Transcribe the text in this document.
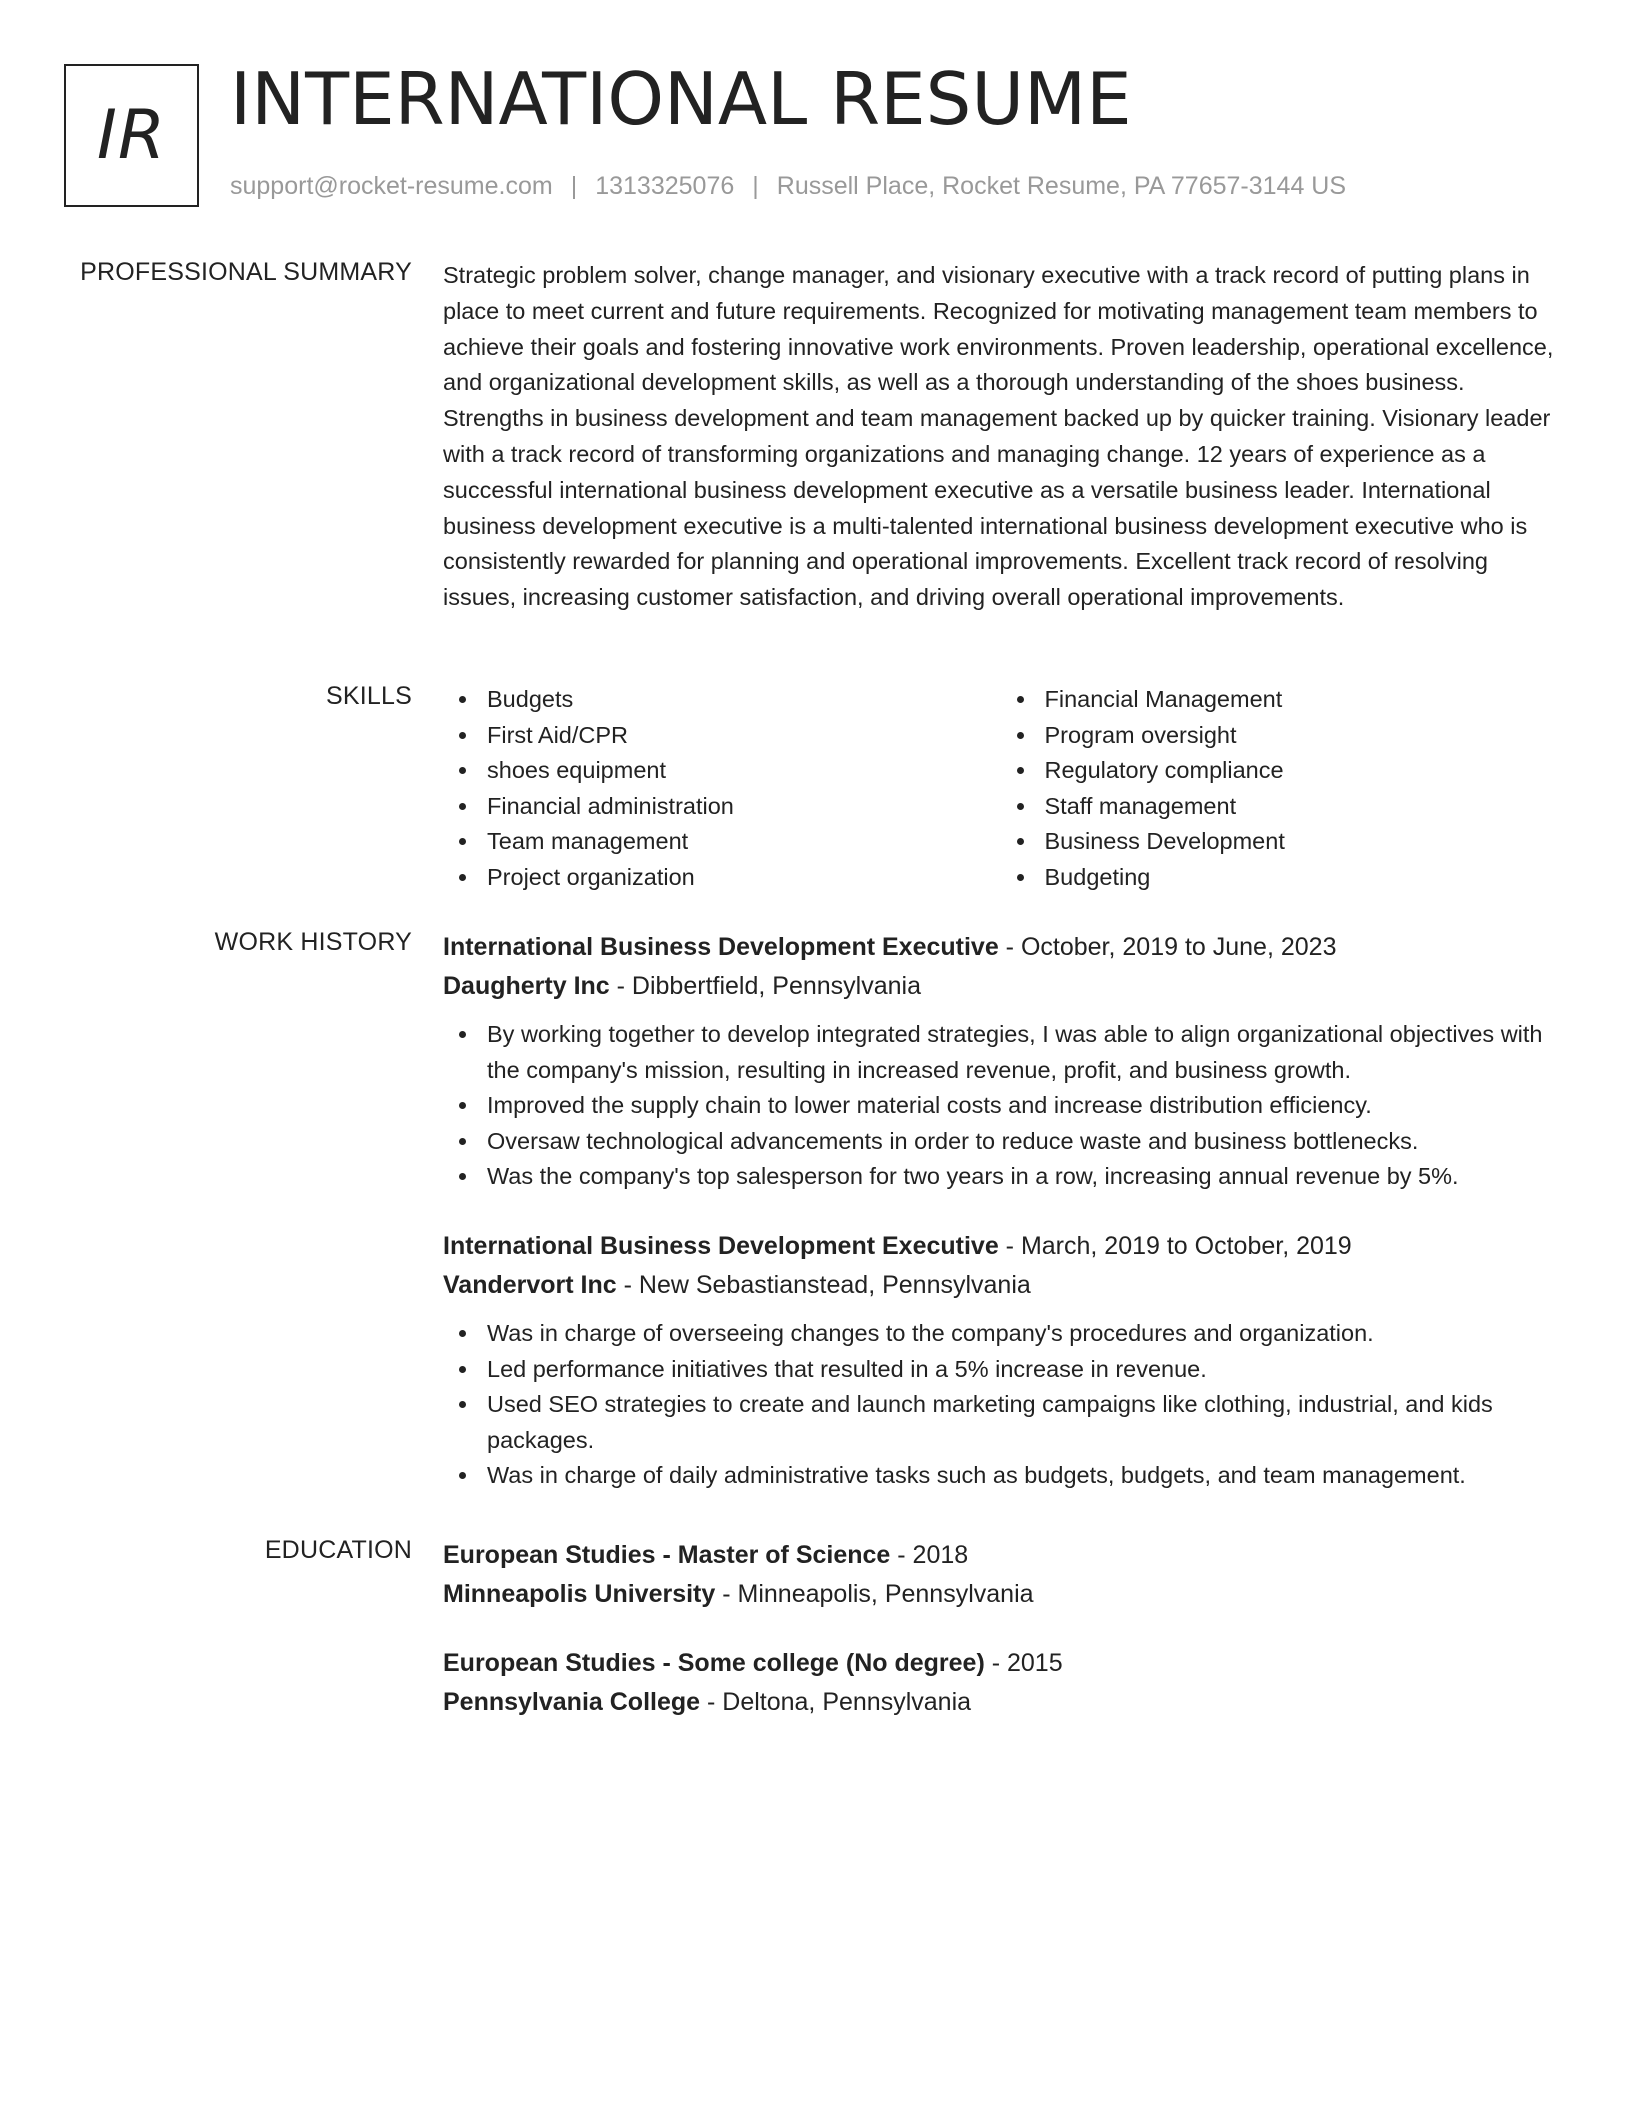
IR INTERNATIONAL RESUME
support@rocket-resume.com | 1313325076 | Russell Place, Rocket Resume, PA 77657-3144 US
PROFESSIONAL SUMMARY Strategic problem solver, change manager, and visionary executive with a track record of putting plans in place to meet current and future requirements. Recognized for motivating management team members to achieve their goals and fostering innovative work environments. Proven leadership, operational excellence, and organizational development skills, as well as a thorough understanding of the shoes business. Strengths in business development and team management backed up by quicker training. Visionary leader with a track record of transforming organizations and managing change. 12 years of experience as a successful international business development executive as a versatile business leader. International business development executive is a multi-talented international business development executive who is consistently rewarded for planning and operational improvements. Excellent track record of resolving issues, increasing customer satisfaction, and driving overall operational improvements.

SKILLS	Budgets
First Aid/CPR
shoes equipment
Financial administration
Team management
Project organization
Financial Management
Program oversight
Regulatory compliance
Staff management
Business Development
Budgeting
WORK HISTORY International Business Development Executive - October, 2019 to June, 2023
Daugherty Inc - Dibbertfield, Pennsylvania
By working together to develop integrated strategies, I was able to align organizational objectives with the company's mission, resulting in increased revenue, profit, and business growth.
Improved the supply chain to lower material costs and increase distribution efficiency.
Oversaw technological advancements in order to reduce waste and business bottlenecks.
Was the company's top salesperson for two years in a row, increasing annual revenue by 5%.
International Business Development Executive - March, 2019 to October, 2019
Vandervort Inc - New Sebastianstead, Pennsylvania
Was in charge of overseeing changes to the company's procedures and organization.
Led performance initiatives that resulted in a 5% increase in revenue.
Used SEO strategies to create and launch marketing campaigns like clothing, industrial, and kids packages.
Was in charge of daily administrative tasks such as budgets, budgets, and team management.
EDUCATION European Studies - Master of Science - 2018
Minneapolis University - Minneapolis, Pennsylvania
European Studies - Some college (No degree) - 2015
Pennsylvania College - Deltona, Pennsylvania
